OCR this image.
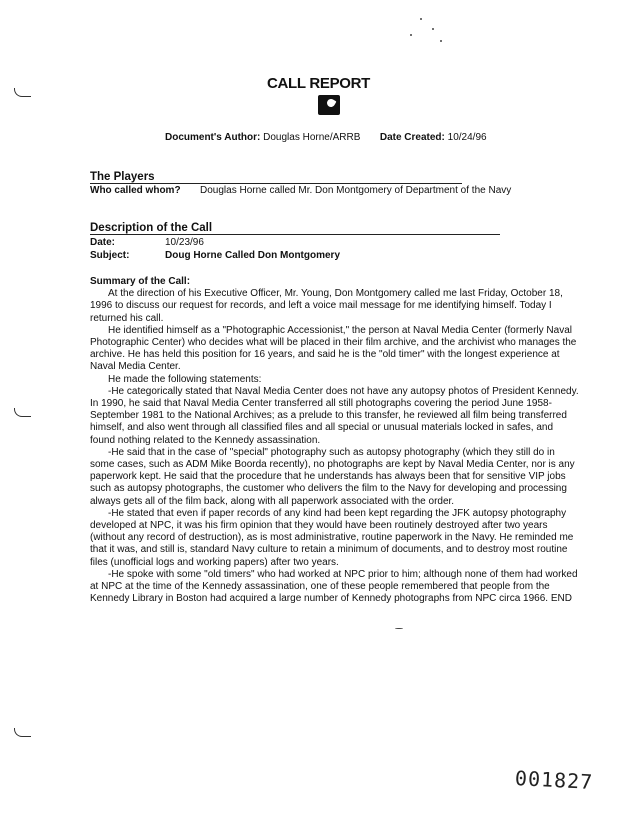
CALL REPORT
Document's Author: Douglas Horne/ARRB Date Created: 10/24/96
The Players
Who called whom? Douglas Horne called Mr. Don Montgomery of Department of the Navy
Description of the Call
Date:	10/23/96
Subject:	Doug Horne Called Don Montgomery

Summary of the Call:

At the direction of his Executive Officer, Mr. Young, Don Montgomery called me last Friday, October 18, 1996 to discuss our request for records, and left a voice mail message for me identifying himself. Today I returned his call.

He identified himself as a "Photographic Accessionist," the person at Naval Media Center (formerly Naval Photographic Center) who decides what will be placed in their film archive, and the archivist who manages the archive. He has held this position for 16 years, and said he is the "old timer" with the longest experience at Naval Media Center.

He made the following statements:

-He categorically stated that Naval Media Center does not have any autopsy photos of President Kennedy. In 1990, he said that Naval Media Center transferred all still photographs covering the period June 1958-September 1981 to the National Archives; as a prelude to this transfer, he reviewed all film being transferred himself, and also went through all classified files and all special or unusual materials locked in safes, and found nothing related to the Kennedy assassination.

-He said that in the case of "special" photography such as autopsy photography (which they still do in some cases, such as ADM Mike Boorda recently), no photographs are kept by Naval Media Center, nor is any paperwork kept. He said that the procedure that he understands has always been that for sensitive VIP jobs such as autopsy photographs, the customer who delivers the film to the Navy for developing and processing always gets all of the film back, along with all paperwork associated with the order.

-He stated that even if paper records of any kind had been kept regarding the JFK autopsy photography developed at NPC, it was his firm opinion that they would have been routinely destroyed after two years (without any record of destruction), as is most administrative, routine paperwork in the Navy. He reminded me that it was, and still is, standard Navy culture to retain a minimum of documents, and to destroy most routine files (unofficial logs and working papers) after two years.

-He spoke with some "old timers" who had worked at NPC prior to him; although none of them had worked at NPC at the time of the Kennedy assassination, one of these people remembered that people from the Kennedy Library in Boston had acquired a large number of Kennedy photographs from NPC circa 1966. END

001827
